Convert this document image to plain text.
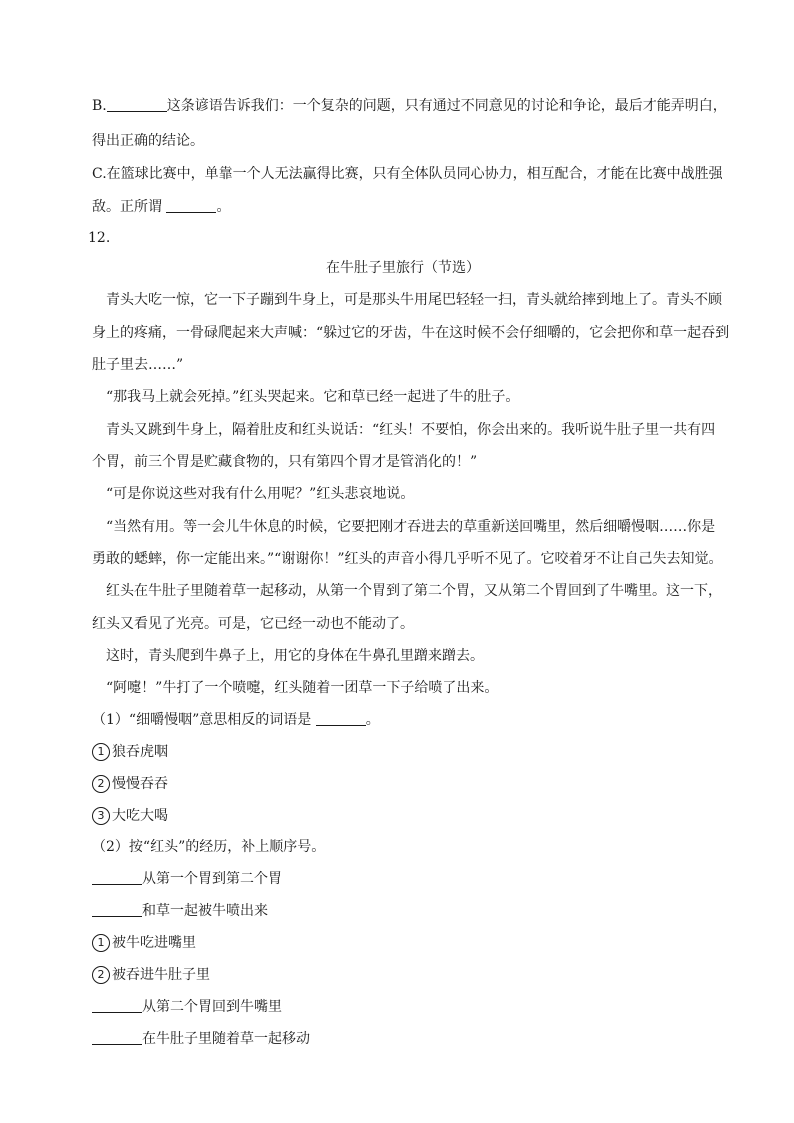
B.	这条谚语告诉我们：一个复杂的问题，只有通过不同意见的讨论和争论，最后才能弄明白，
得出正确的结论。
C.在篮球比赛中，单靠一个人无法赢得比赛，只有全体队员同心协力，相互配合，才能在比赛中战胜强
敌。正所谓	。
12.
在牛肚子里旅行（节选）
青头大吃一惊，它一下子蹦到牛身上，可是那头牛用尾巴轻轻一扫，青头就给摔到地上了。青头不顾
身上的疼痛，一骨碌爬起来大声喊：“躲过它的牙齿，牛在这时候不会仔细嚼的，它会把你和草一起吞到
肚子里去……”
“那我马上就会死掉。”红头哭起来。它和草已经一起进了牛的肚子。
青头又跳到牛身上，隔着肚皮和红头说话：“红头！不要怕，你会出来的。我听说牛肚子里一共有四
个胃，前三个胃是贮藏食物的，只有第四个胃才是管消化的！”
“可是你说这些对我有什么用呢？”红头悲哀地说。
“当然有用。等一会儿牛休息的时候，它要把刚才吞进去的草重新送回嘴里，然后细嚼慢咽……你是
勇敢的蟋蟀，你一定能出来。”“谢谢你！”红头的声音小得几乎听不见了。它咬着牙不让自己失去知觉。
红头在牛肚子里随着草一起移动，从第一个胃到了第二个胃，又从第二个胃回到了牛嘴里。这一下，
红头又看见了光亮。可是，它已经一动也不能动了。
这时，青头爬到牛鼻子上，用它的身体在牛鼻孔里蹭来蹭去。
“阿嚏！”牛打了一个喷嚏，红头随着一团草一下子给喷了出来。
（1）“细嚼慢咽”意思相反的词语是	。
1 狼吞虎咽
2 慢慢吞吞
3 大吃大喝
（2）按“红头”的经历，补上顺序号。
从第一个胃到第二个胃
和草一起被牛喷出来
1 被牛吃进嘴里
2 被吞进牛肚子里
从第二个胃回到牛嘴里
在牛肚子里随着草一起移动
